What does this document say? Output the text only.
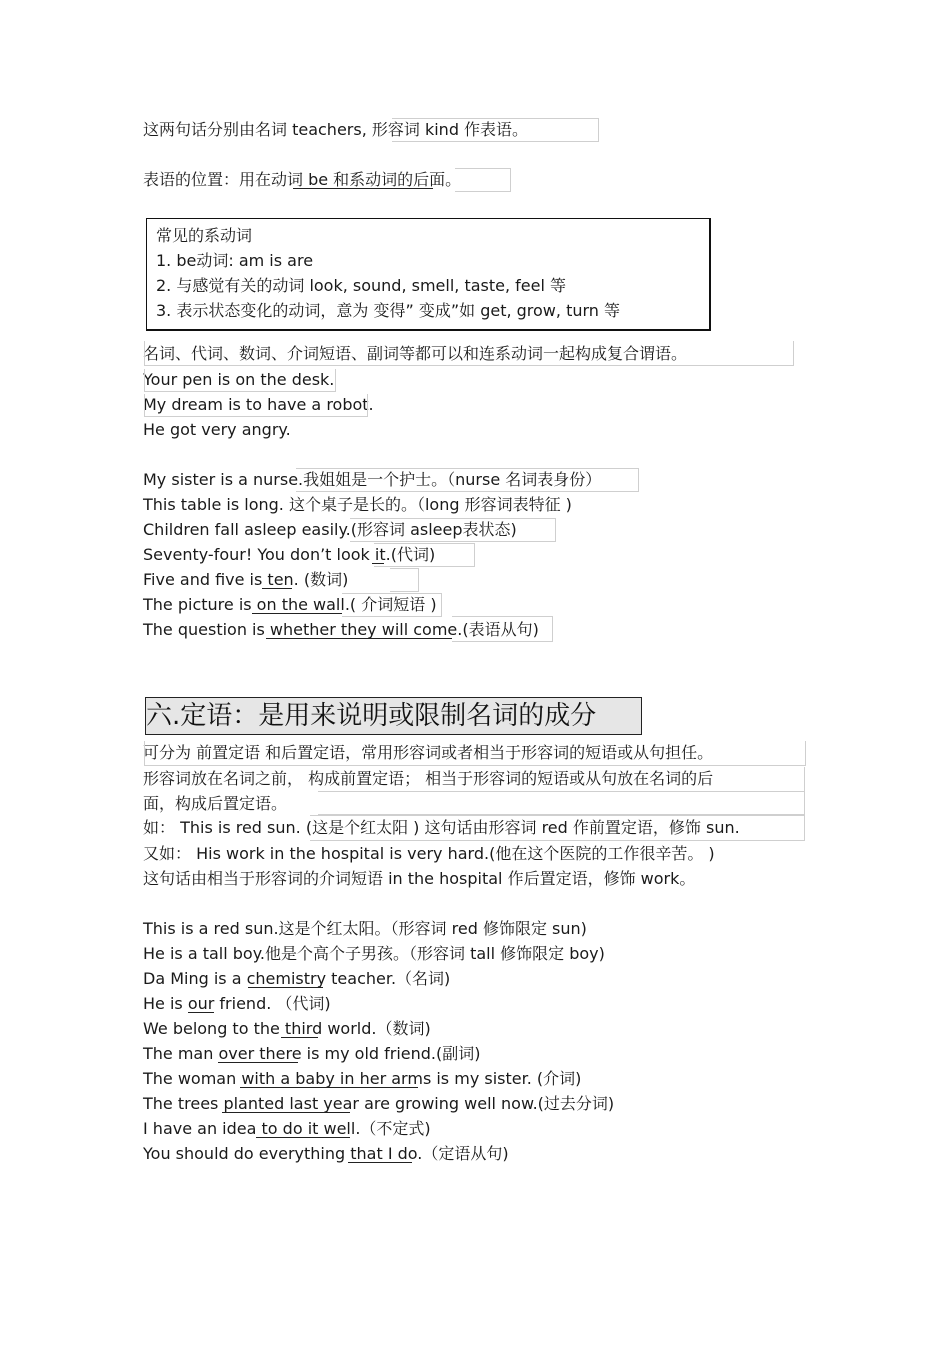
这两句话分别由名词 teachers, 形容词 kind 作表语。
表语的位置：用在动词 be 和系动词的后面。
常见的系动词
1. be动词: am is are
2. 与感觉有关的动词 look, sound, smell, taste, feel 等
3. 表示状态变化的动词，意为 变得” 变成”如 get, grow, turn 等
名词、代词、数词、介词短语、副词等都可以和连系动词一起构成复合谓语。
Your pen is on the desk.
My dream is to have a robot.
He got very angry.
My sister is a nurse.我姐姐是一个护士。（nurse 名词表身份）
This table is long. 这个桌子是长的。（long 形容词表特征 )
Children fall asleep easily.(形容词 asleep表状态)
Seventy-four! You don’t look it.(代词)
Five and five is ten. (数词)
The picture is on the wall.( 介词短语 )
The question is whether they will come.(表语从句)
六.定语：是用来说明或限制名词的成分
可分为 前置定语 和后置定语，常用形容词或者相当于形容词的短语或从句担任。
形容词放在名词之前， 构成前置定语； 相当于形容词的短语或从句放在名词的后
面，构成后置定语。
如： This is red sun. (这是个红太阳 ) 这句话由形容词 red 作前置定语，修饰 sun.
又如： His work in the hospital is very hard.(他在这个医院的工作很辛苦。 )
这句话由相当于形容词的介词短语 in the hospital 作后置定语，修饰 work。
This is a red sun.这是个红太阳。（形容词 red 修饰限定 sun)
He is a tall boy.他是个高个子男孩。（形容词 tall 修饰限定 boy)
Da Ming is a chemistry teacher.（名词)
He is our friend. （代词)
We belong to the third world.（数词)
The man over there is my old friend.(副词)
The woman with a baby in her arms is my sister. (介词)
The trees planted last year are growing well now.(过去分词)
I have an idea to do it well.（不定式)
You should do everything that I do.（定语从句)
